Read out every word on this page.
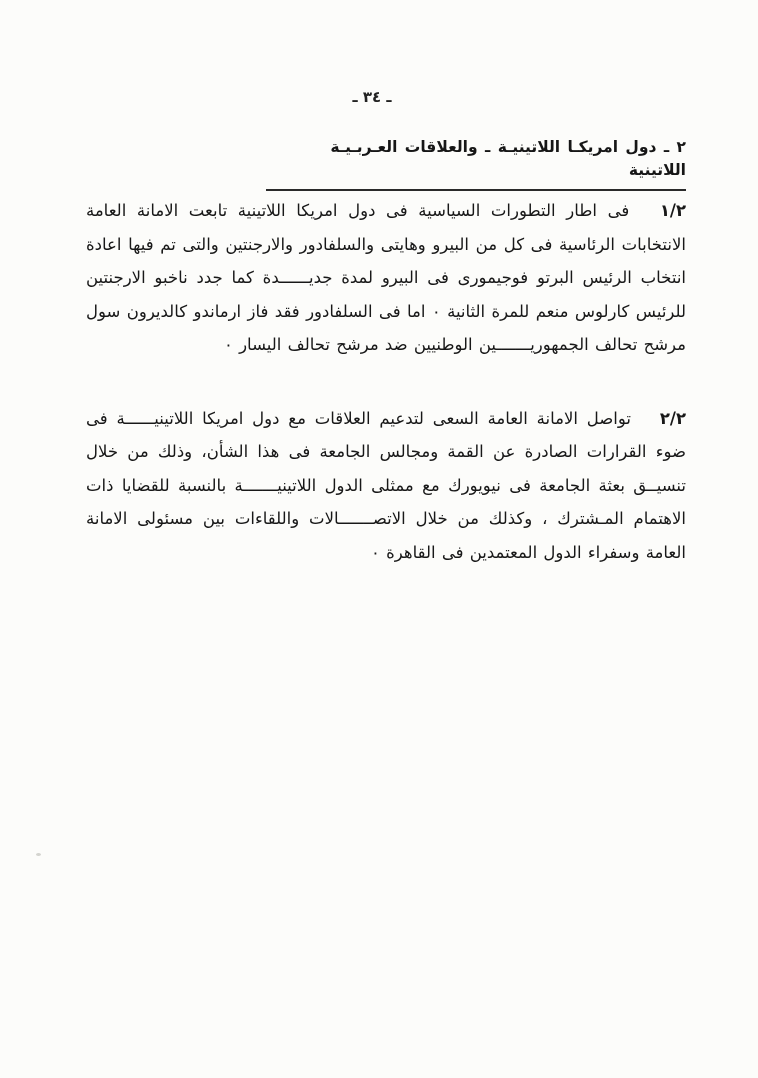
ـ ٣٤ ـ
٢ ـ دول امريكـا اللاتينيـة ـ والعلاقات العـربـيـة اللاتينية

١/٢ فى اطار التطورات السياسية فى دول امريكا اللاتينية تابعت الامانة العامة الانتخابات الرئاسية فى كل من البيرو وهايتى والسلفادور والارجنتين والتى تم فيها اعادة انتخاب الرئيس البرتو فوجيمورى فى البيرو لمدة جديــــــدة كما جدد ناخبو الارجنتين للرئيس كارلوس منعم للمرة الثانية ٠ اما فى السلفادور فقد فاز ارماندو كالديرون سول مرشح تحالف الجمهوريـــــــين الوطنيين ضد مرشح تحالف اليسار ٠

٢/٢ تواصل الامانة العامة السعى لتدعيم العلاقات مع دول امريكا اللاتينيــــــة فى ضوء القرارات الصادرة عن القمة ومجالس الجامعة فى هذا الشأن، وذلك من خلال تنسيــق بعثة الجامعة فى نيويورك مع ممثلى الدول اللاتينيـــــــة بالنسبة للقضايا ذات الاهتمام المـشترك ، وكذلك من خلال الاتصـــــــالات واللقاءات بين مسئولى الامانة العامة وسفراء الدول المعتمدين فى القاهرة ٠
